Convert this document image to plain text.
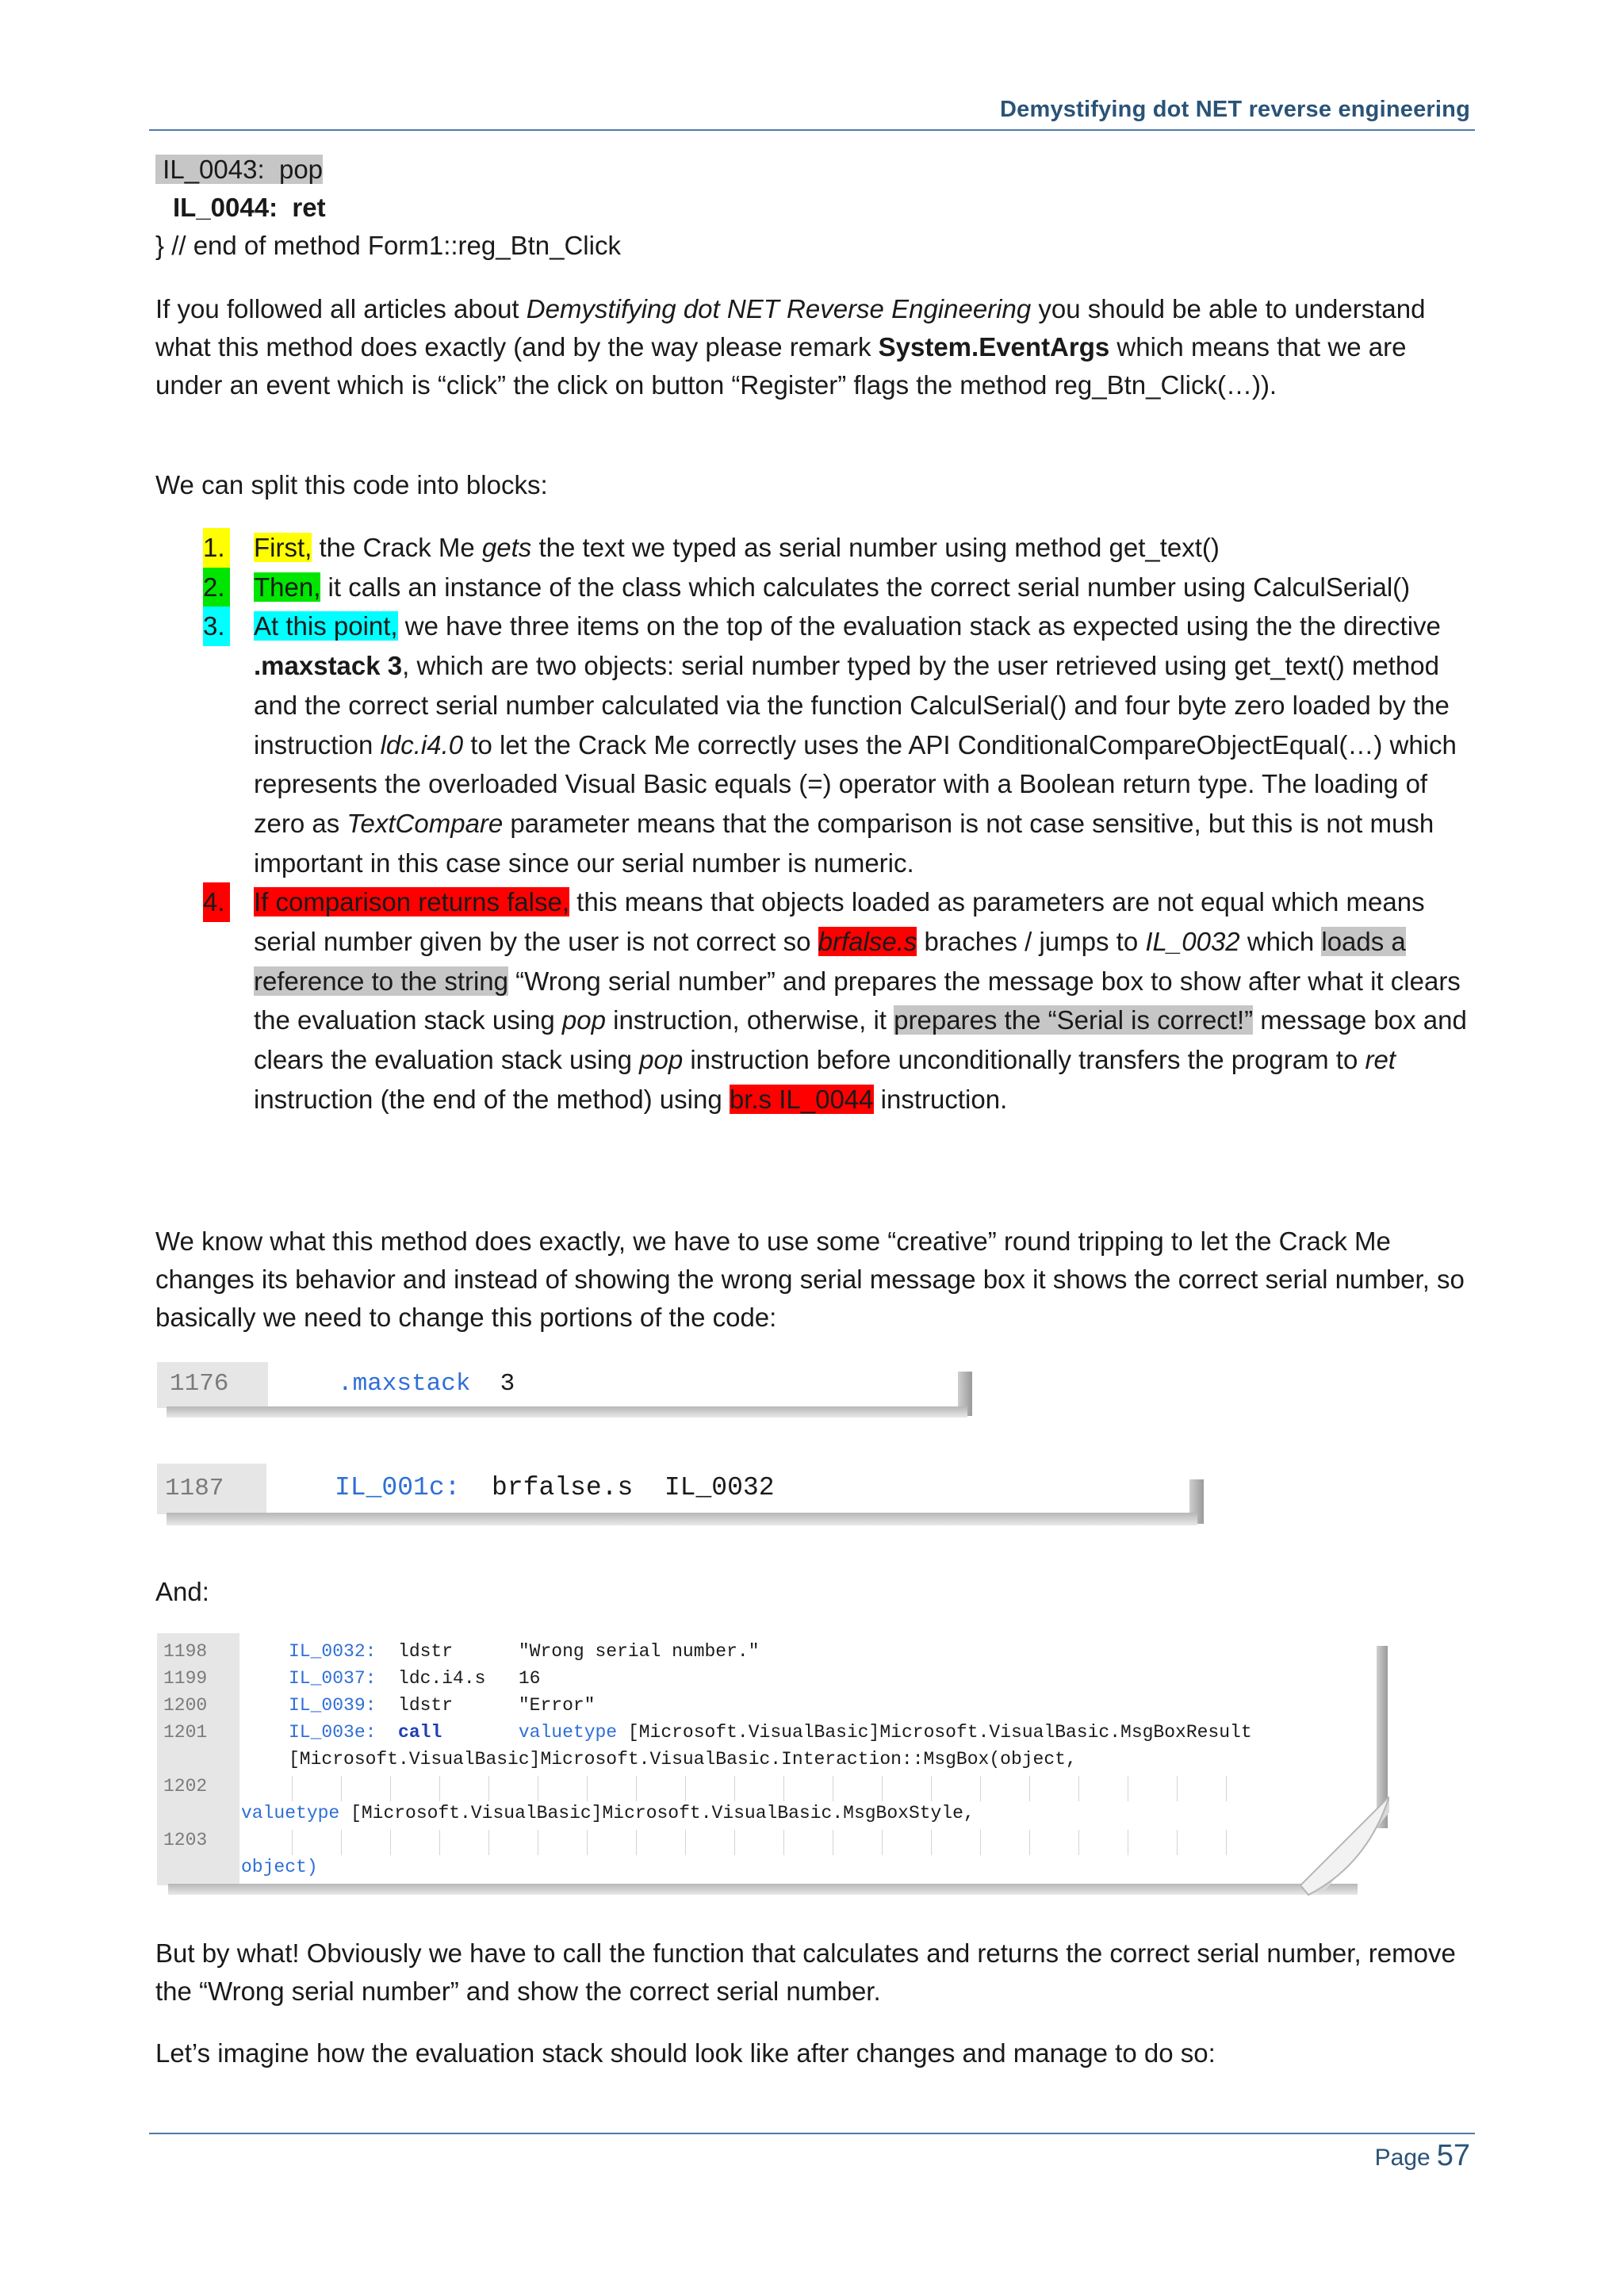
Demystifying dot NET reverse engineering
IL_0043:  pop
IL_0044:  ret
} // end of method Form1::reg_Btn_Click

If you followed all articles about Demystifying dot NET Reverse Engineering you should be able to understand what this method does exactly (and by the way please remark System.EventArgs which means that we are under an event which is “click” the click on button “Register” flags the method reg_Btn_Click(…)).

We can split this code into blocks:

1. First, the Crack Me gets the text we typed as serial number using method get_text()
2. Then, it calls an instance of the class which calculates the correct serial number using CalculSerial()
3. At this point, we have three items on the top of the evaluation stack as expected using the the directive .maxstack 3, which are two objects: serial number typed by the user retrieved using get_text() method and the correct serial number calculated via the function CalculSerial() and four byte zero loaded by the instruction ldc.i4.0 to let the Crack Me correctly uses the API ConditionalCompareObjectEqual(…) which represents the overloaded Visual Basic equals (=) operator with a Boolean return type. The loading of zero as TextCompare parameter means that the comparison is not case sensitive, but this is not mush important in this case since our serial number is numeric.
4. If comparison returns false, this means that objects loaded as parameters are not equal which means serial number given by the user is not correct so brfalse.s braches / jumps to IL_0032 which loads a reference to the string “Wrong serial number” and prepares the message box to show after what it clears the evaluation stack using pop instruction, otherwise, it prepares the “Serial is correct!” message box and clears the evaluation stack using pop instruction before unconditionally transfers the program to ret instruction (the end of the method) using br.s IL_0044 instruction.

We know what this method does exactly, we have to use some “creative” round tripping to let the Crack Me changes its behavior and instead of showing the wrong serial message box it shows the correct serial number, so basically we need to change this portions of the code:

1176	.maxstack  3
1187	IL_001c:  brfalse.s  IL_0032

And:

1198	IL_0032:  ldstr      "Wrong serial number."
1199	IL_0037:  ldc.i4.s   16
1200	IL_0039:  ldstr      "Error"
1201	IL_003e: call	valuetype [Microsoft.VisualBasic]Microsoft.VisualBasic.MsgBoxResult
[Microsoft.VisualBasic]Microsoft.VisualBasic.Interaction::MsgBox(object,
1202
valuetype [Microsoft.VisualBasic]Microsoft.VisualBasic.MsgBoxStyle,
1203
object)

But by what! Obviously we have to call the function that calculates and returns the correct serial number, remove the “Wrong serial number” and show the correct serial number.

Let’s imagine how the evaluation stack should look like after changes and manage to do so:

Page 57
